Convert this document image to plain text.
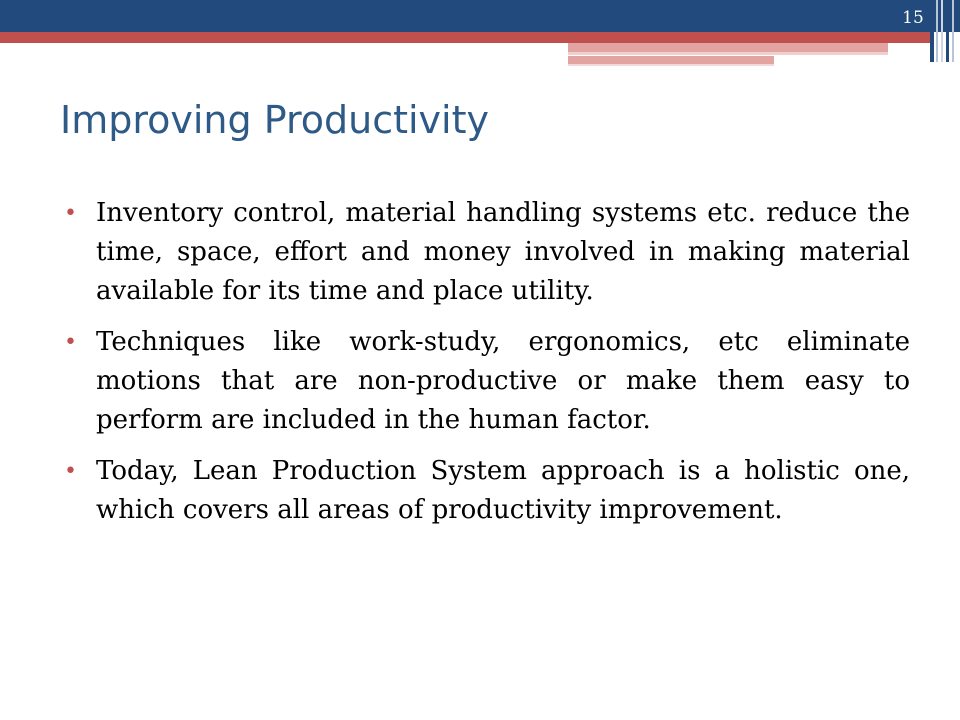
15
Improving Productivity
• Inventory control, material handling systems etc. reduce the time, space, effort and money involved in making material available for its time and place utility.
• Techniques like work-study, ergonomics, etc eliminate motions that are non-productive or make them easy to perform are included in the human factor.
• Today, Lean Production System approach is a holistic one, which covers all areas of productivity improvement.
